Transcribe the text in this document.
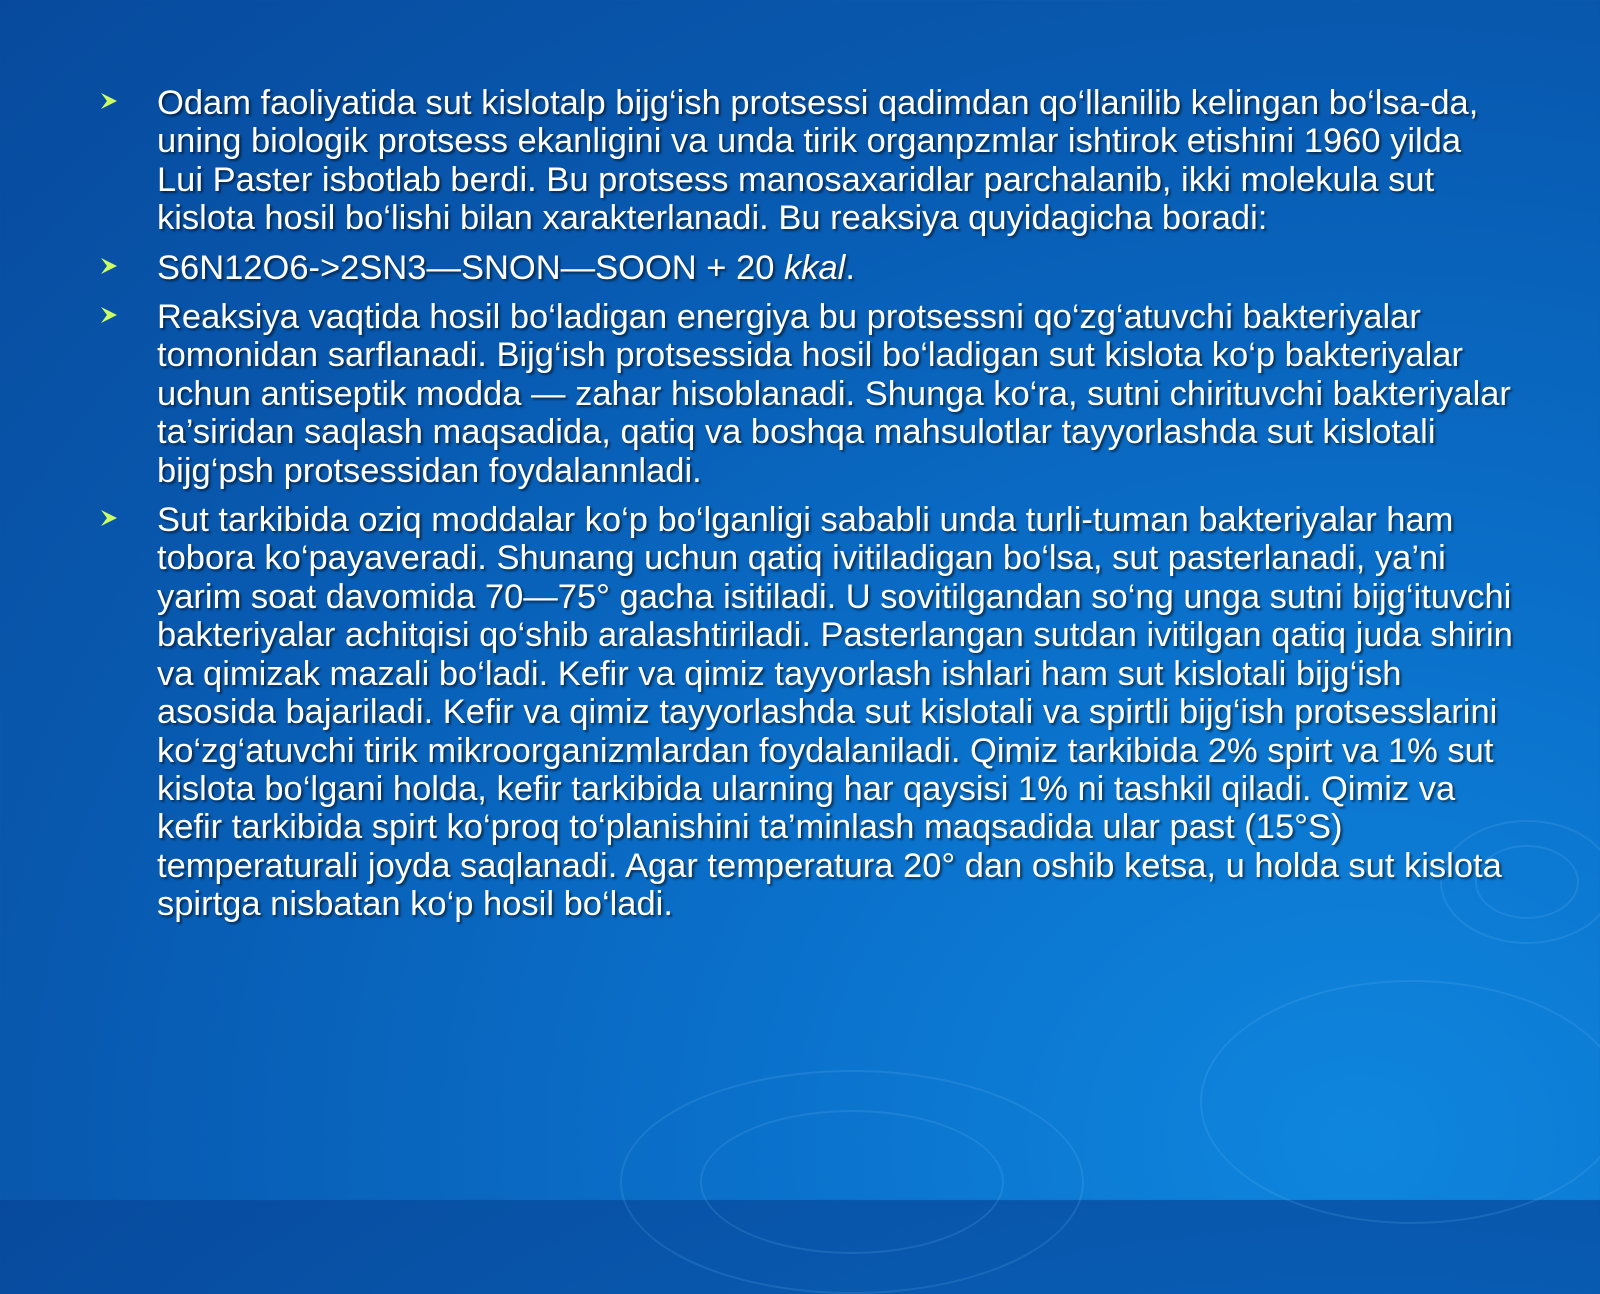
Odam faoliyatida sut kislotalp bijg‘ish protsessi qadimdan qo‘llanilib kelingan bo‘lsa-da, uning biologik protsess ekanligini va unda tirik organpzmlar ishtirok etishini 1960 yilda Lui Paster isbotlab berdi. Bu protsess manosaxaridlar parchalanib, ikki molekula sut kislota hosil bo‘lishi bilan xarakterlanadi. Bu reaksiya quyidagicha boradi:
S6N12O6->2SN3—SNON—SOON + 20 kkal.
Reaksiya vaqtida hosil bo‘ladigan energiya bu protsessni qo‘zg‘atuvchi bakteriyalar tomonidan sarflanadi. Bijg‘ish protsessida hosil bo‘ladigan sut kislota ko‘p bakteriyalar uchun antiseptik modda — zahar hisoblanadi. Shunga ko‘ra, sutni chirituvchi bakteriyalar ta’siridan saqlash maqsadida, qatiq va boshqa mahsulotlar tayyorlashda sut kislotali bijg‘psh protsessidan foydalannladi.
Sut tarkibida oziq moddalar ko‘p bo‘lganligi sababli unda turli-tuman bakteriyalar ham tobora ko‘payaveradi. Shunang uchun qatiq ivitiladigan bo‘lsa, sut pasterlanadi, ya’ni yarim soat davomida 70—75° gacha isitiladi. U sovitilgandan so‘ng unga sutni bijg‘ituvchi bakteriyalar achitqisi qo‘shib aralashtiriladi. Pasterlangan sutdan ivitilgan qatiq juda shirin va qimizak mazali bo‘ladi. Kefir va qimiz tayyorlash ishlari ham sut kislotali bijg‘ish asosida bajariladi. Kefir va qimiz tayyorlashda sut kislotali va spirtli bijg‘ish protsesslarini ko‘zg‘atuvchi tirik mikroorganizmlardan foydalaniladi. Qimiz tarkibida 2% spirt va 1% sut kislota bo‘lgani holda, kefir tarkibida ularning har qaysisi 1% ni tashkil qiladi. Qimiz va kefir tarkibida spirt ko‘proq to‘planishini ta’minlash maqsadida ular past (15°S) temperaturali joyda saqlanadi. Agar temperatura 20° dan oshib ketsa, u holda sut kislota spirtga nisbatan ko‘p hosil bo‘ladi.
